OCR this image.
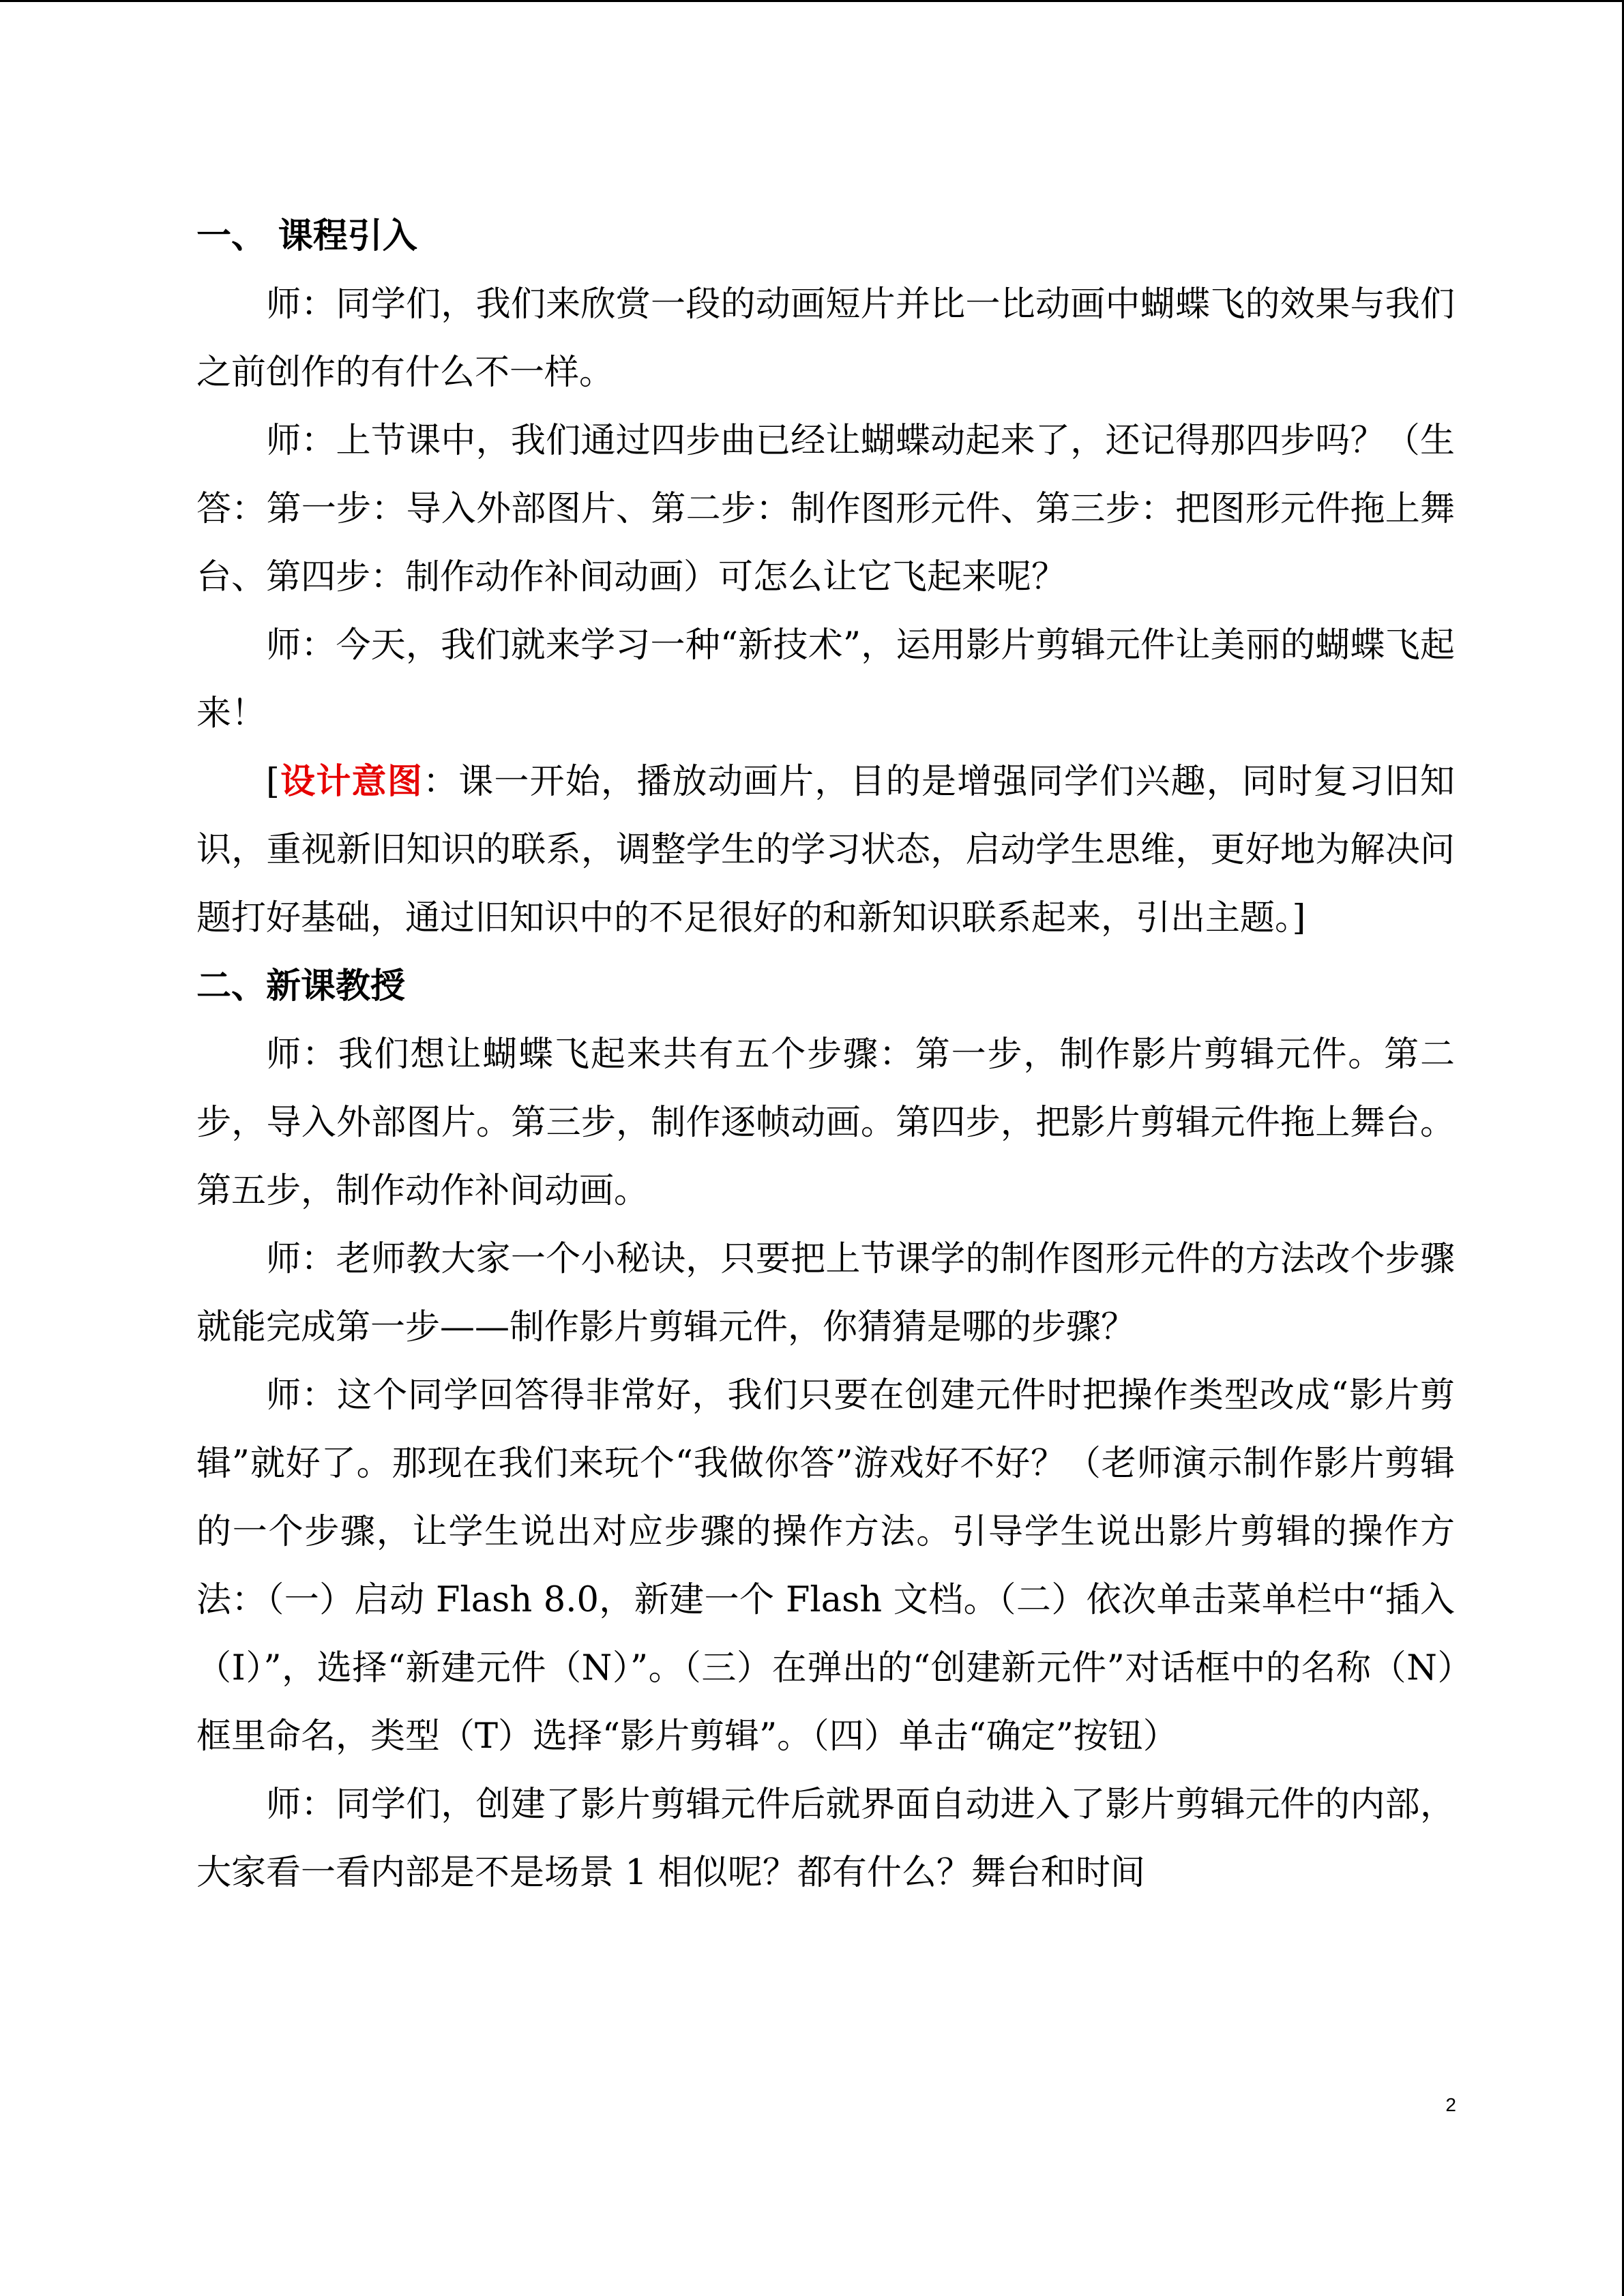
一、 课程引入

师：同学们，我们来欣赏一段的动画短片并比一比动画中蝴蝶飞的效果与我们之前创作的有什么不一样。

师：上节课中，我们通过四步曲已经让蝴蝶动起来了，还记得那四步吗？（生答：第一步：导入外部图片、第二步：制作图形元件、第三步：把图形元件拖上舞台、第四步：制作动作补间动画）可怎么让它飞起来呢？

师：今天，我们就来学习一种“新技术”，运用影片剪辑元件让美丽的蝴蝶飞起来！

[设计意图：课一开始，播放动画片，目的是增强同学们兴趣，同时复习旧知识，重视新旧知识的联系，调整学生的学习状态，启动学生思维，更好地为解决问题打好基础，通过旧知识中的不足很好的和新知识联系起来，引出主题。]

二、新课教授

师：我们想让蝴蝶飞起来共有五个步骤：第一步，制作影片剪辑元件。第二步，导入外部图片。第三步，制作逐帧动画。第四步，把影片剪辑元件拖上舞台。第五步，制作动作补间动画。

师：老师教大家一个小秘诀，只要把上节课学的制作图形元件的方法改个步骤就能完成第一步——制作影片剪辑元件，你猜猜是哪的步骤？

师：这个同学回答得非常好，我们只要在创建元件时把操作类型改成“影片剪辑”就好了。那现在我们来玩个“我做你答”游戏好不好？（老师演示制作影片剪辑的一个步骤，让学生说出对应步骤的操作方法。引导学生说出影片剪辑的操作方法：（一）启动 Flash 8.0，新建一个 Flash 文档。（二）依次单击菜单栏中“插入（I）”，选择“新建元件（N）”。（三）在弹出的“创建新元件”对话框中的名称（N）框里命名，类型（T）选择“影片剪辑”。（四）单击“确定”按钮）

师：同学们，创建了影片剪辑元件后就界面自动进入了影片剪辑元件的内部，大家看一看内部是不是场景 1 相似呢？都有什么？舞台和时间

2
